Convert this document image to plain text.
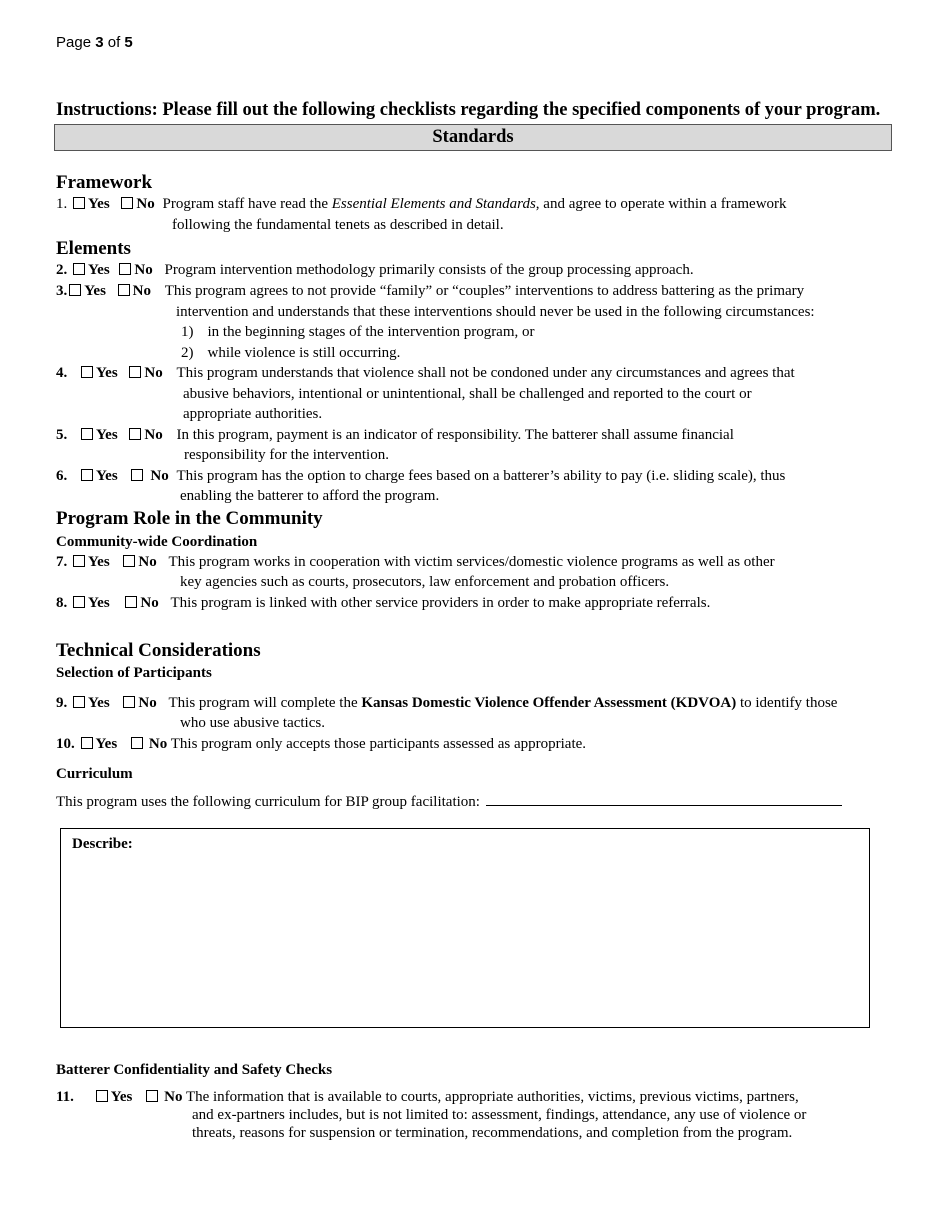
Page 3 of 5
Instructions: Please fill out the following checklists regarding the specified components of your program.
Standards
Framework
1. Yes No Program staff have read the Essential Elements and Standards, and agree to operate within a framework
following the fundamental tenets as described in detail.
Elements
2. Yes No Program intervention methodology primarily consists of the group processing approach.
3. Yes No This program agrees to not provide “family” or “couples” interventions to address battering as the primary
intervention and understands that these interventions should never be used in the following circumstances:
1) in the beginning stages of the intervention program, or
2) while violence is still occurring.
4. Yes No This program understands that violence shall not be condoned under any circumstances and agrees that
abusive behaviors, intentional or unintentional, shall be challenged and reported to the court or
appropriate authorities.
5. Yes No In this program, payment is an indicator of responsibility. The batterer shall assume financial
responsibility for the intervention.
6. Yes No This program has the option to charge fees based on a batterer’s ability to pay (i.e. sliding scale), thus
enabling the batterer to afford the program.
Program Role in the Community
Community-wide Coordination
7. Yes No This program works in cooperation with victim services/domestic violence programs as well as other
key agencies such as courts, prosecutors, law enforcement and probation officers.
8. Yes No This program is linked with other service providers in order to make appropriate referrals.
Technical Considerations
Selection of Participants
9. Yes No This program will complete the Kansas Domestic Violence Offender Assessment (KDVOA) to identify those
who use abusive tactics.
10. Yes No This program only accepts those participants assessed as appropriate.
Curriculum
This program uses the following curriculum for BIP group facilitation:
Describe:
Batterer Confidentiality and Safety Checks
11. Yes No The information that is available to courts, appropriate authorities, victims, previous victims, partners,
and ex-partners includes, but is not limited to: assessment, findings, attendance, any use of violence or
threats, reasons for suspension or termination, recommendations, and completion from the program.
